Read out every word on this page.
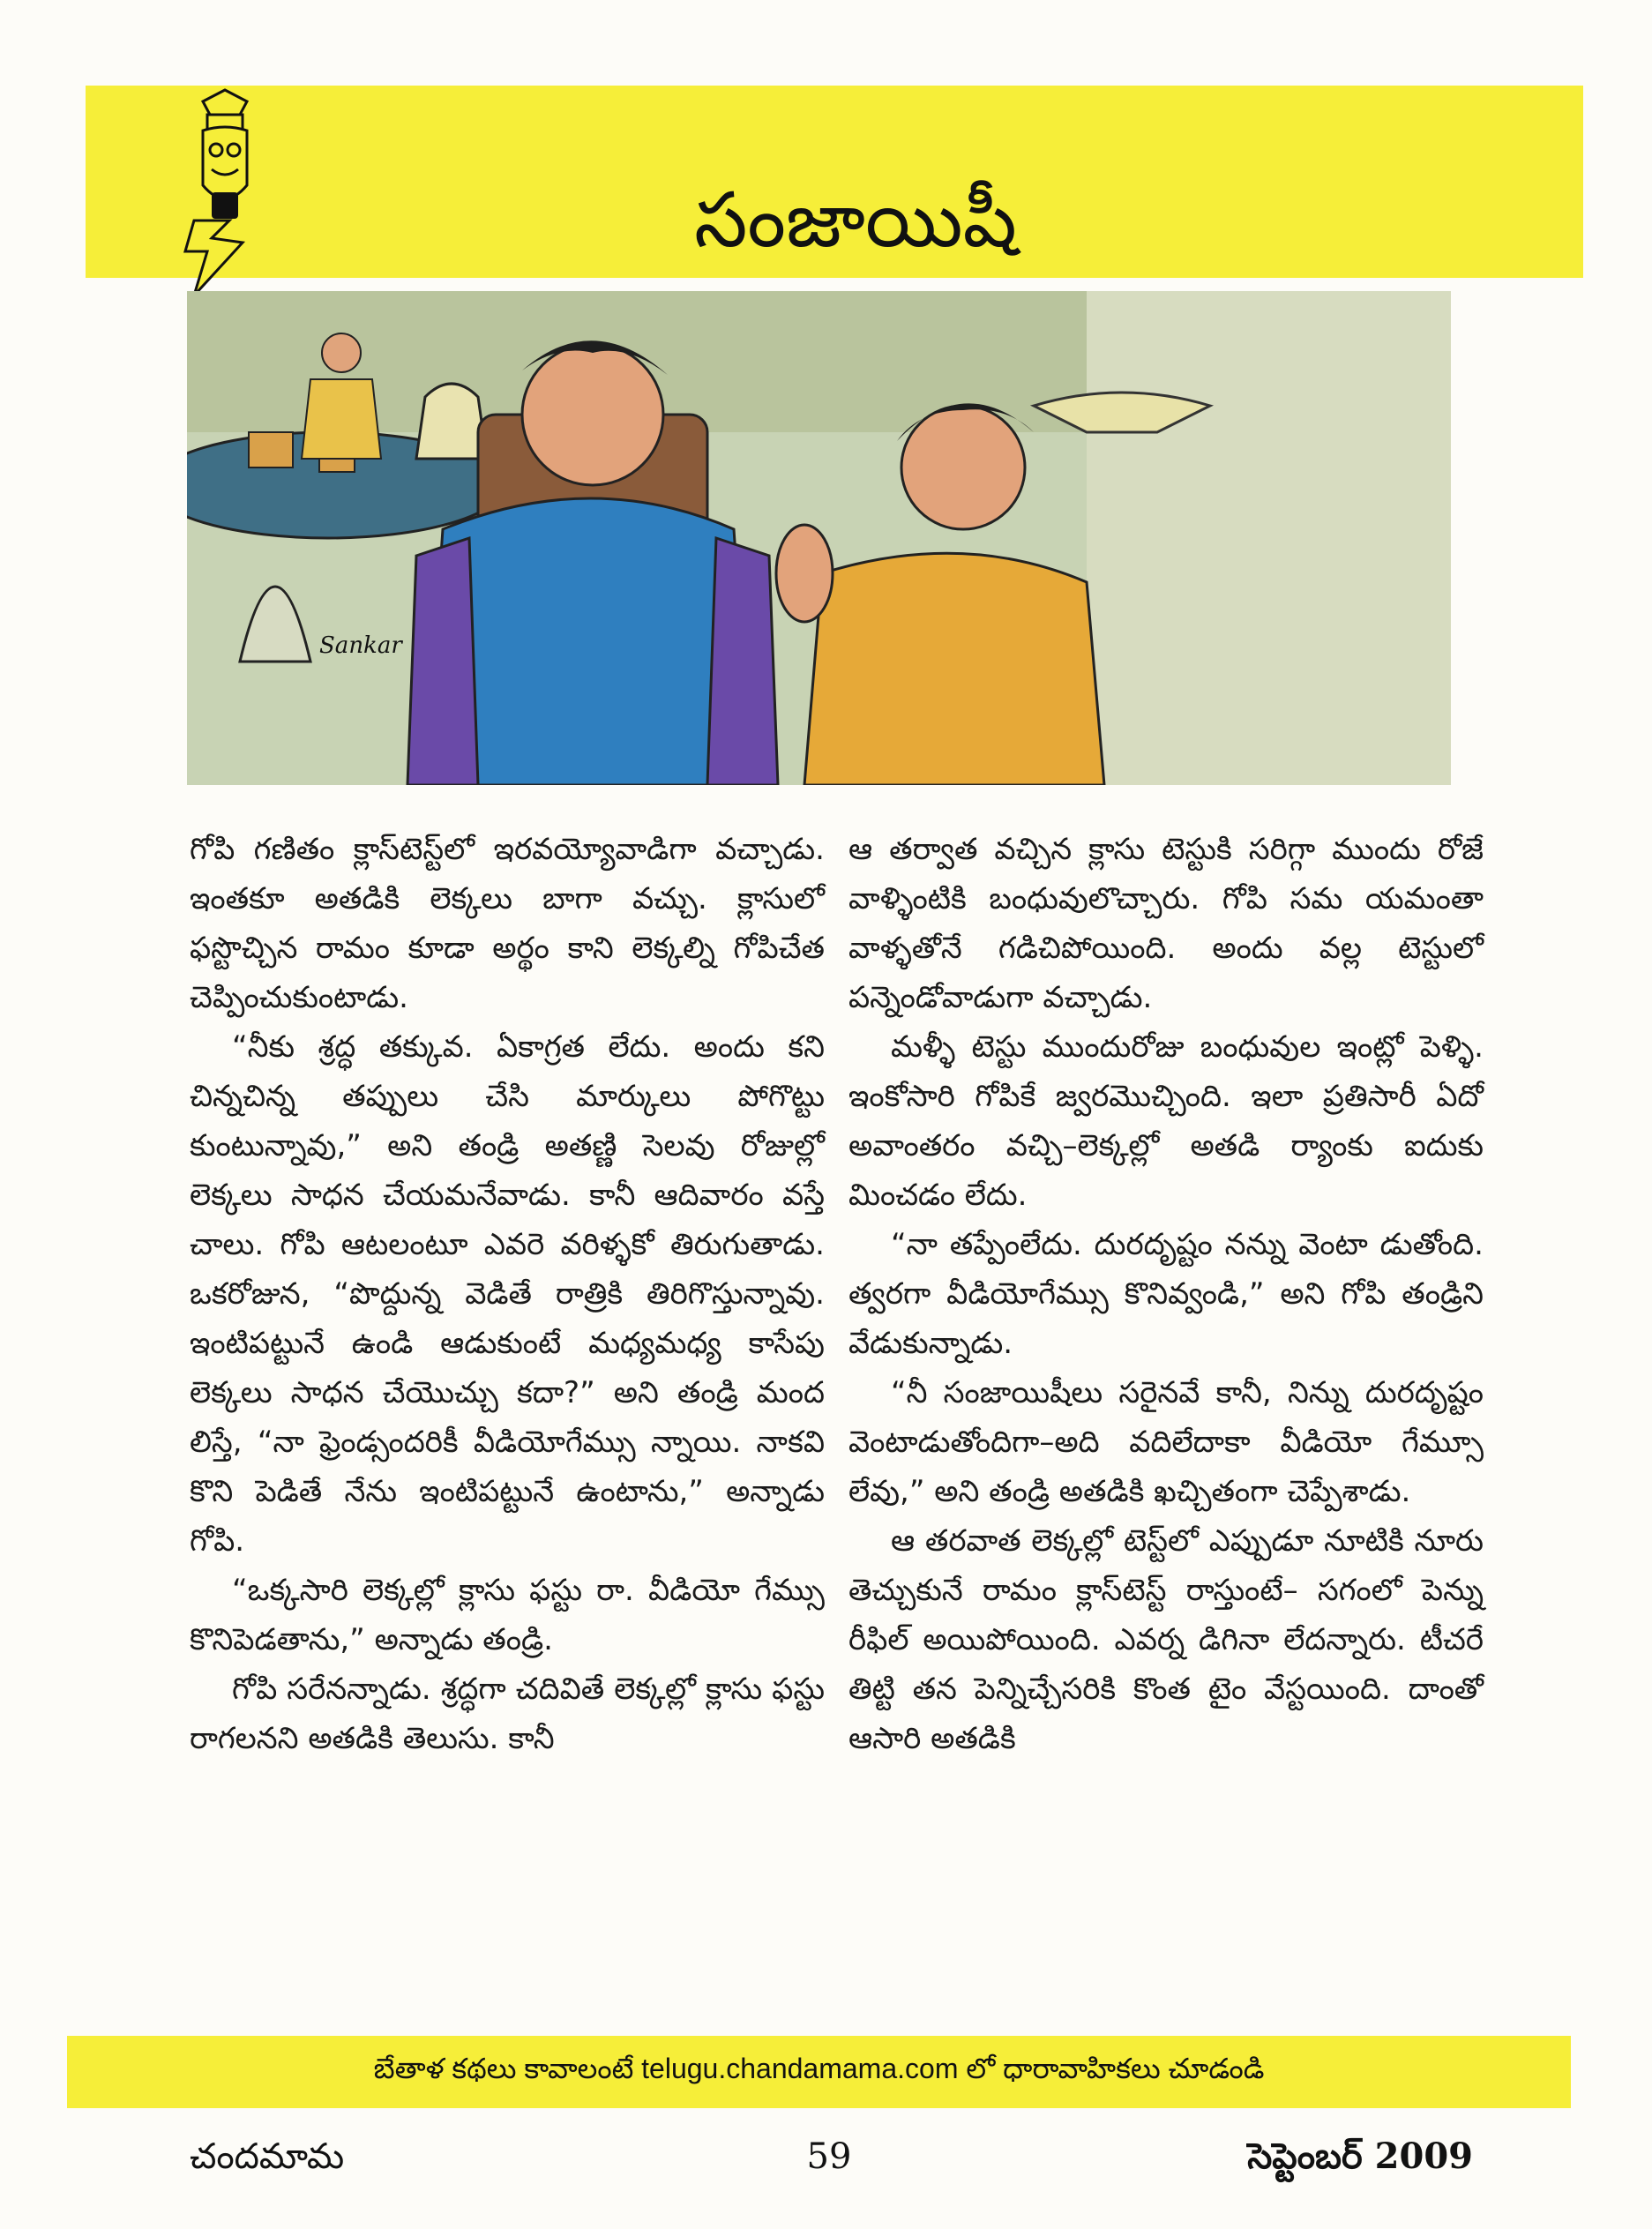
సంజాయిషీ
Sankar

గోపి గణితం క్లాస్‌టెస్ట్‌లో ఇరవయ్యోవాడిగా వచ్చాడు. ఇంతకూ అతడికి లెక్కలు బాగా వచ్చు. క్లాసులో ఫస్టొచ్చిన రామం కూడా అర్థం కాని లెక్కల్ని గోపిచేత చెప్పించుకుంటాడు.

“నీకు శ్రద్ధ తక్కువ. ఏకాగ్రత లేదు. అందు కని చిన్నచిన్న తప్పులు చేసి మార్కులు పోగొట్టు కుంటున్నావు,” అని తండ్రి అతణ్ణి సెలవు రోజుల్లో లెక్కలు సాధన చేయమనేవాడు. కానీ ఆదివారం వస్తే చాలు. గోపి ఆటలంటూ ఎవరె వరిళ్ళకో తిరుగుతాడు. ఒకరోజున, “పొద్దున్న వెడితే రాత్రికి తిరిగొస్తున్నావు. ఇంటిపట్టునే ఉండి ఆడుకుంటే మధ్యమధ్య కాసేపు లెక్కలు సాధన చేయొచ్చు కదా?” అని తండ్రి మంద లిస్తే, “నా ఫ్రెండ్సందరికీ వీడియోగేమ్సు న్నాయి. నాకవి కొని పెడితే నేను ఇంటిపట్టునే ఉంటాను,” అన్నాడు గోపి.

“ఒక్కసారి లెక్కల్లో క్లాసు ఫస్టు రా. వీడియో గేమ్సు కొనిపెడతాను,” అన్నాడు తండ్రి.

గోపి సరేనన్నాడు. శ్రద్ధగా చదివితే లెక్కల్లో క్లాసు ఫస్టు రాగలనని అతడికి తెలుసు. కానీ

ఆ తర్వాత వచ్చిన క్లాసు టెస్టుకి సరిగ్గా ముందు రోజే వాళ్ళింటికి బంధువులొచ్చారు. గోపి సమ యమంతా వాళ్ళతోనే గడిచిపోయింది. అందు వల్ల టెస్టులో పన్నెండోవాడుగా వచ్చాడు.

మళ్ళీ టెస్టు ముందురోజు బంధువుల ఇంట్లో పెళ్ళి. ఇంకోసారి గోపికే జ్వరమొచ్చింది. ఇలా ప్రతిసారీ ఏదో అవాంతరం వచ్చి–లెక్కల్లో అతడి ర్యాంకు ఐదుకు మించడం లేదు.

“నా తప్పేంలేదు. దురదృష్టం నన్ను వెంటా డుతోంది. త్వరగా వీడియోగేమ్సు కొనివ్వండి,” అని గోపి తండ్రిని వేడుకున్నాడు.

“నీ సంజాయిషీలు సరైనవే కానీ, నిన్ను దురదృష్టం వెంటాడుతోందిగా–అది వదిలేదాకా వీడియో గేమ్సూ లేవు,” అని తండ్రి అతడికి ఖచ్చితంగా చెప్పేశాడు.

ఆ తరవాత లెక్కల్లో టెస్ట్‌లో ఎప్పుడూ నూటికి నూరు తెచ్చుకునే రామం క్లాస్‌టెస్ట్ రాస్తుంటే– సగంలో పెన్ను రీఫిల్ అయిపోయింది. ఎవర్న డిగినా లేదన్నారు. టీచరే తిట్టి తన పెన్నిచ్చేసరికి కొంత టైం వేస్టయింది. దాంతో ఆసారి అతడికి

బేతాళ కథలు కావాలంటే telugu.chandamama.com లో ధారావాహికలు చూడండి
చందమామ	59	సెప్టెంబర్ 2009
